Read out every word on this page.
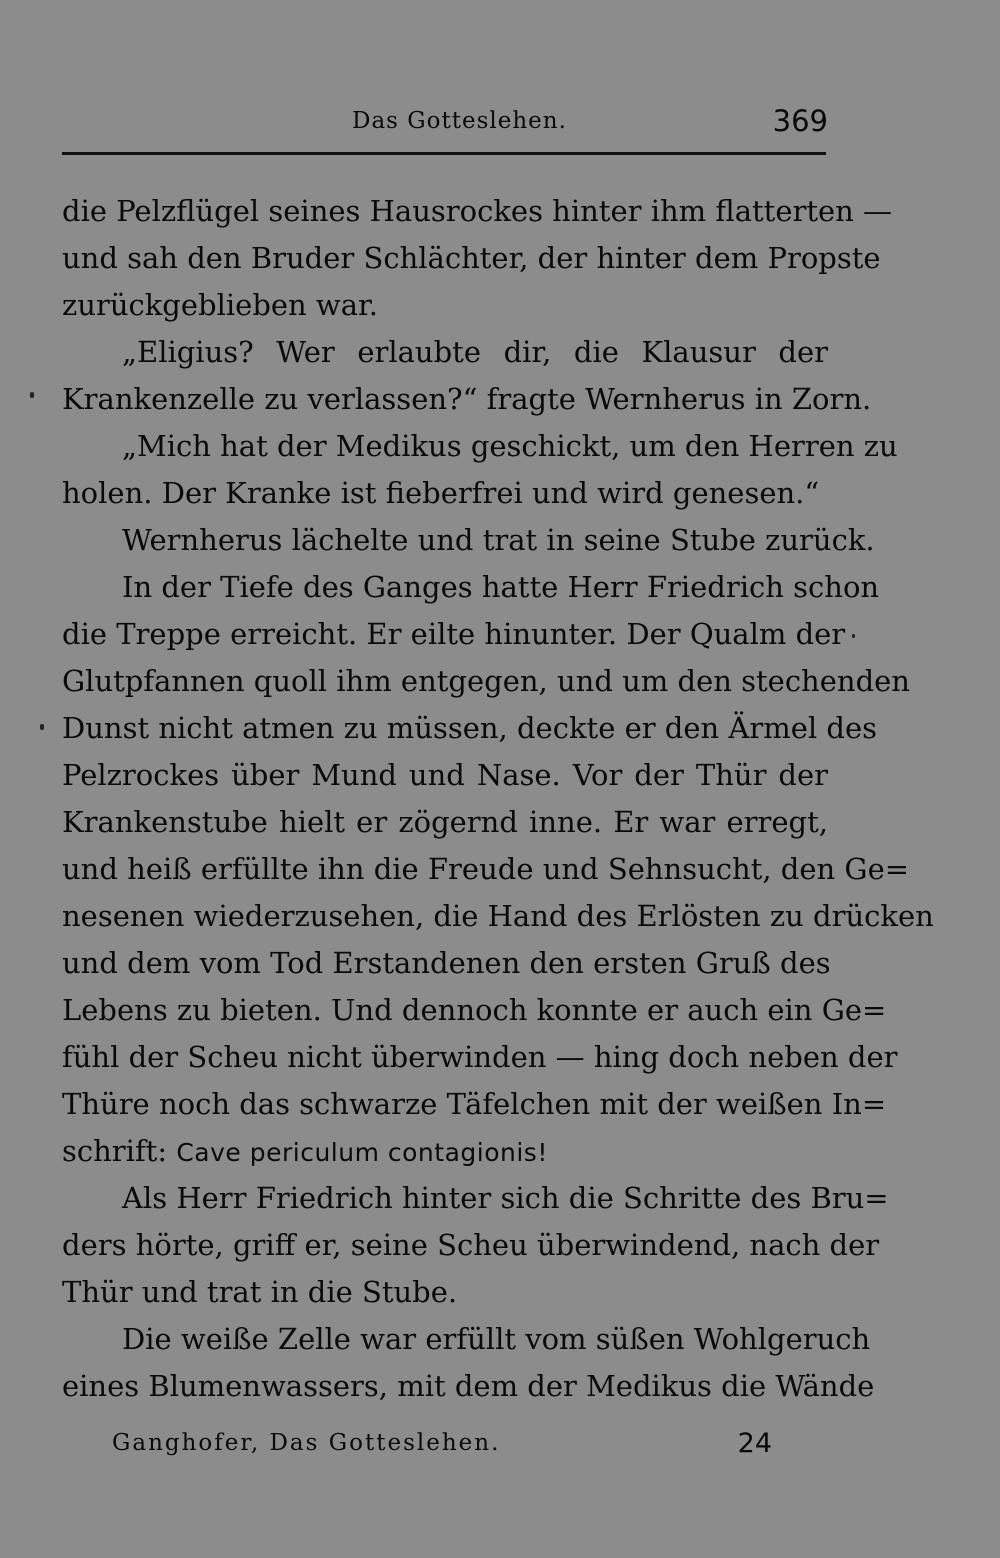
Das Gotteslehen.	369
die Pelzflügel seines Hausrockes hinter ihm flatterten —
und sah den Bruder Schlächter, der hinter dem Propste
zurückgeblieben war.
„Eligius? Wer erlaubte dir, die Klausur der
Krankenzelle zu verlassen?“ fragte Wernherus in Zorn.
„Mich hat der Medikus geschickt, um den Herren zu
holen. Der Kranke ist fieberfrei und wird genesen.“
Wernherus lächelte und trat in seine Stube zurück.
In der Tiefe des Ganges hatte Herr Friedrich schon
die Treppe erreicht. Er eilte hinunter. Der Qualm der
Glutpfannen quoll ihm entgegen, und um den stechenden
Dunst nicht atmen zu müssen, deckte er den Ärmel des
Pelzrockes über Mund und Nase. Vor der Thür der
Krankenstube hielt er zögernd inne. Er war erregt,
und heiß erfüllte ihn die Freude und Sehnsucht, den Ge=
nesenen wiederzusehen, die Hand des Erlösten zu drücken
und dem vom Tod Erstandenen den ersten Gruß des
Lebens zu bieten. Und dennoch konnte er auch ein Ge=
fühl der Scheu nicht überwinden — hing doch neben der
Thüre noch das schwarze Täfelchen mit der weißen In=
schrift: Cave periculum contagionis!
Als Herr Friedrich hinter sich die Schritte des Bru=
ders hörte, griff er, seine Scheu überwindend, nach der
Thür und trat in die Stube.
Die weiße Zelle war erfüllt vom süßen Wohlgeruch
eines Blumenwassers, mit dem der Medikus die Wände
Ganghofer, Das Gotteslehen.	24
